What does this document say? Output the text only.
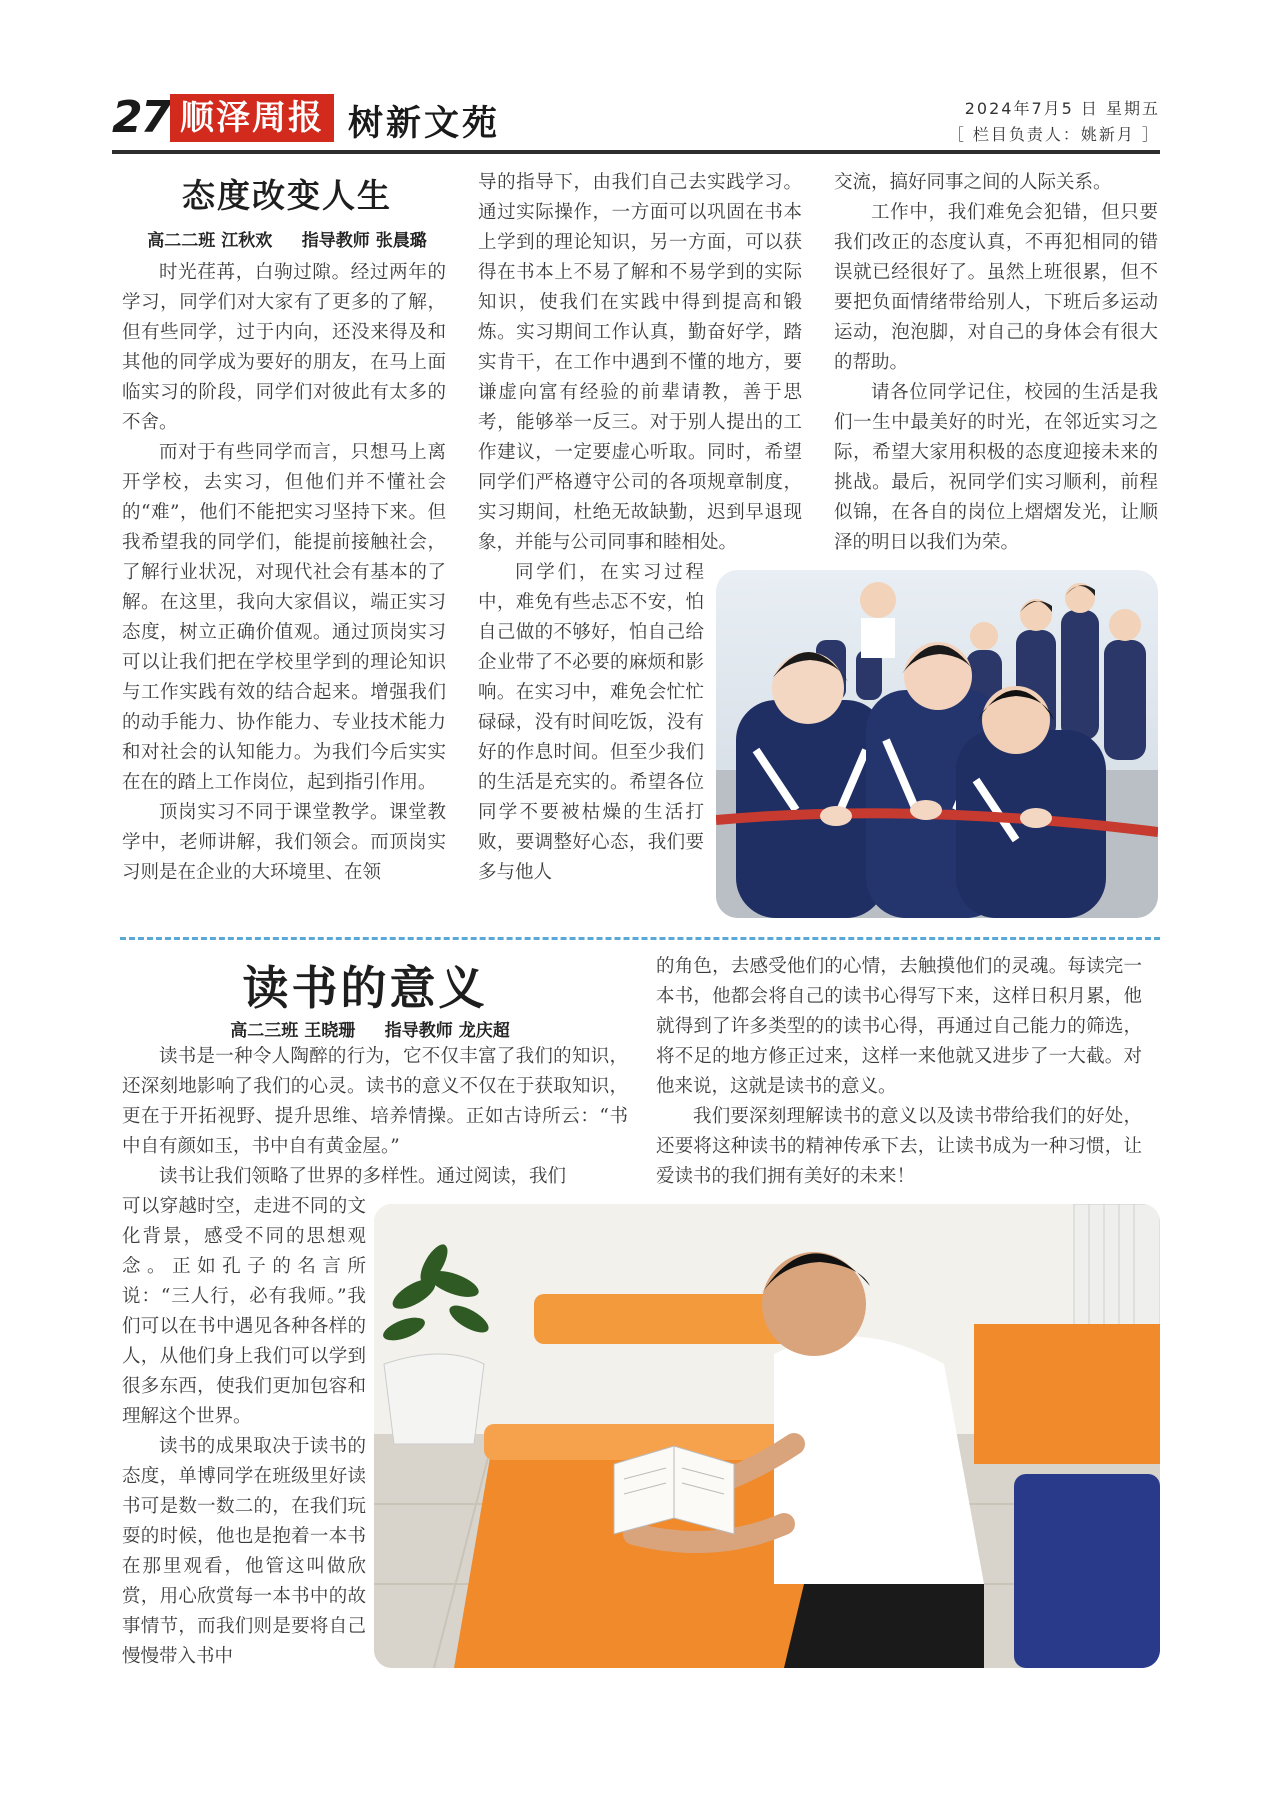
27 顺泽周报 树新文苑	2024年7月5 日 星期五
［ 栏目负责人：姚新月 ］
态度改变人生
高二二班 江秋欢     指导教师 张晨璐

时光荏苒，白驹过隙。经过两年的学习，同学们对大家有了更多的了解，但有些同学，过于内向，还没来得及和其他的同学成为要好的朋友，在马上面临实习的阶段，同学们对彼此有太多的不舍。

而对于有些同学而言，只想马上离开学校，去实习，但他们并不懂社会的“难”，他们不能把实习坚持下来。但我希望我的同学们，能提前接触社会，了解行业状况，对现代社会有基本的了解。在这里，我向大家倡议，端正实习态度，树立正确价值观。通过顶岗实习可以让我们把在学校里学到的理论知识与工作实践有效的结合起来。增强我们的动手能力、协作能力、专业技术能力和对社会的认知能力。为我们今后实实在在的踏上工作岗位，起到指引作用。

顶岗实习不同于课堂教学。课堂教学中，老师讲解，我们领会。而顶岗实习则是在企业的大环境里、在领

导的指导下，由我们自己去实践学习。通过实际操作，一方面可以巩固在书本上学到的理论知识，另一方面，可以获得在书本上不易了解和不易学到的实际知识，使我们在实践中得到提高和锻炼。实习期间工作认真，勤奋好学，踏实肯干，在工作中遇到不懂的地方，要谦虚向富有经验的前辈请教，善于思考，能够举一反三。对于别人提出的工作建议，一定要虚心听取。同时，希望同学们严格遵守公司的各项规章制度，实习期间，杜绝无故缺勤，迟到早退现象，并能与公司同事和睦相处。

同学们，在实习过程中，难免有些忐忑不安，怕自己做的不够好，怕自己给企业带了不必要的麻烦和影响。在实习中，难免会忙忙碌碌，没有时间吃饭，没有好的作息时间。但至少我们的生活是充实的。希望各位同学不要被枯燥的生活打败，要调整好心态，我们要多与他人

交流，搞好同事之间的人际关系。

工作中，我们难免会犯错，但只要我们改正的态度认真，不再犯相同的错误就已经很好了。虽然上班很累，但不要把负面情绪带给别人，下班后多运动运动，泡泡脚，对自己的身体会有很大的帮助。

请各位同学记住，校园的生活是我们一生中最美好的时光，在邻近实习之际，希望大家用积极的态度迎接未来的挑战。最后，祝同学们实习顺利，前程似锦，在各自的岗位上熠熠发光，让顺泽的明日以我们为荣。

读书的意义
高二三班 王晓珊     指导教师 龙庆超

读书是一种令人陶醉的行为，它不仅丰富了我们的知识，还深刻地影响了我们的心灵。读书的意义不仅在于获取知识，更在于开拓视野、提升思维、培养情操。正如古诗所云：“书中自有颜如玉，书中自有黄金屋。”

读书让我们领略了世界的多样性。通过阅读，我们

可以穿越时空，走进不同的文化背景，感受不同的思想观念。正如孔子的名言所说：“三人行，必有我师。”我们可以在书中遇见各种各样的人，从他们身上我们可以学到很多东西，使我们更加包容和理解这个世界。

读书的成果取决于读书的态度，单博同学在班级里好读书可是数一数二的，在我们玩耍的时候，他也是抱着一本书在那里观看，他管这叫做欣赏，用心欣赏每一本书中的故事情节，而我们则是要将自己慢慢带入书中

的角色，去感受他们的心情，去触摸他们的灵魂。每读完一本书，他都会将自己的读书心得写下来，这样日积月累，他就得到了许多类型的的读书心得，再通过自己能力的筛选，将不足的地方修正过来，这样一来他就又进步了一大截。对他来说，这就是读书的意义。

我们要深刻理解读书的意义以及读书带给我们的好处，还要将这种读书的精神传承下去，让读书成为一种习惯，让爱读书的我们拥有美好的未来！
